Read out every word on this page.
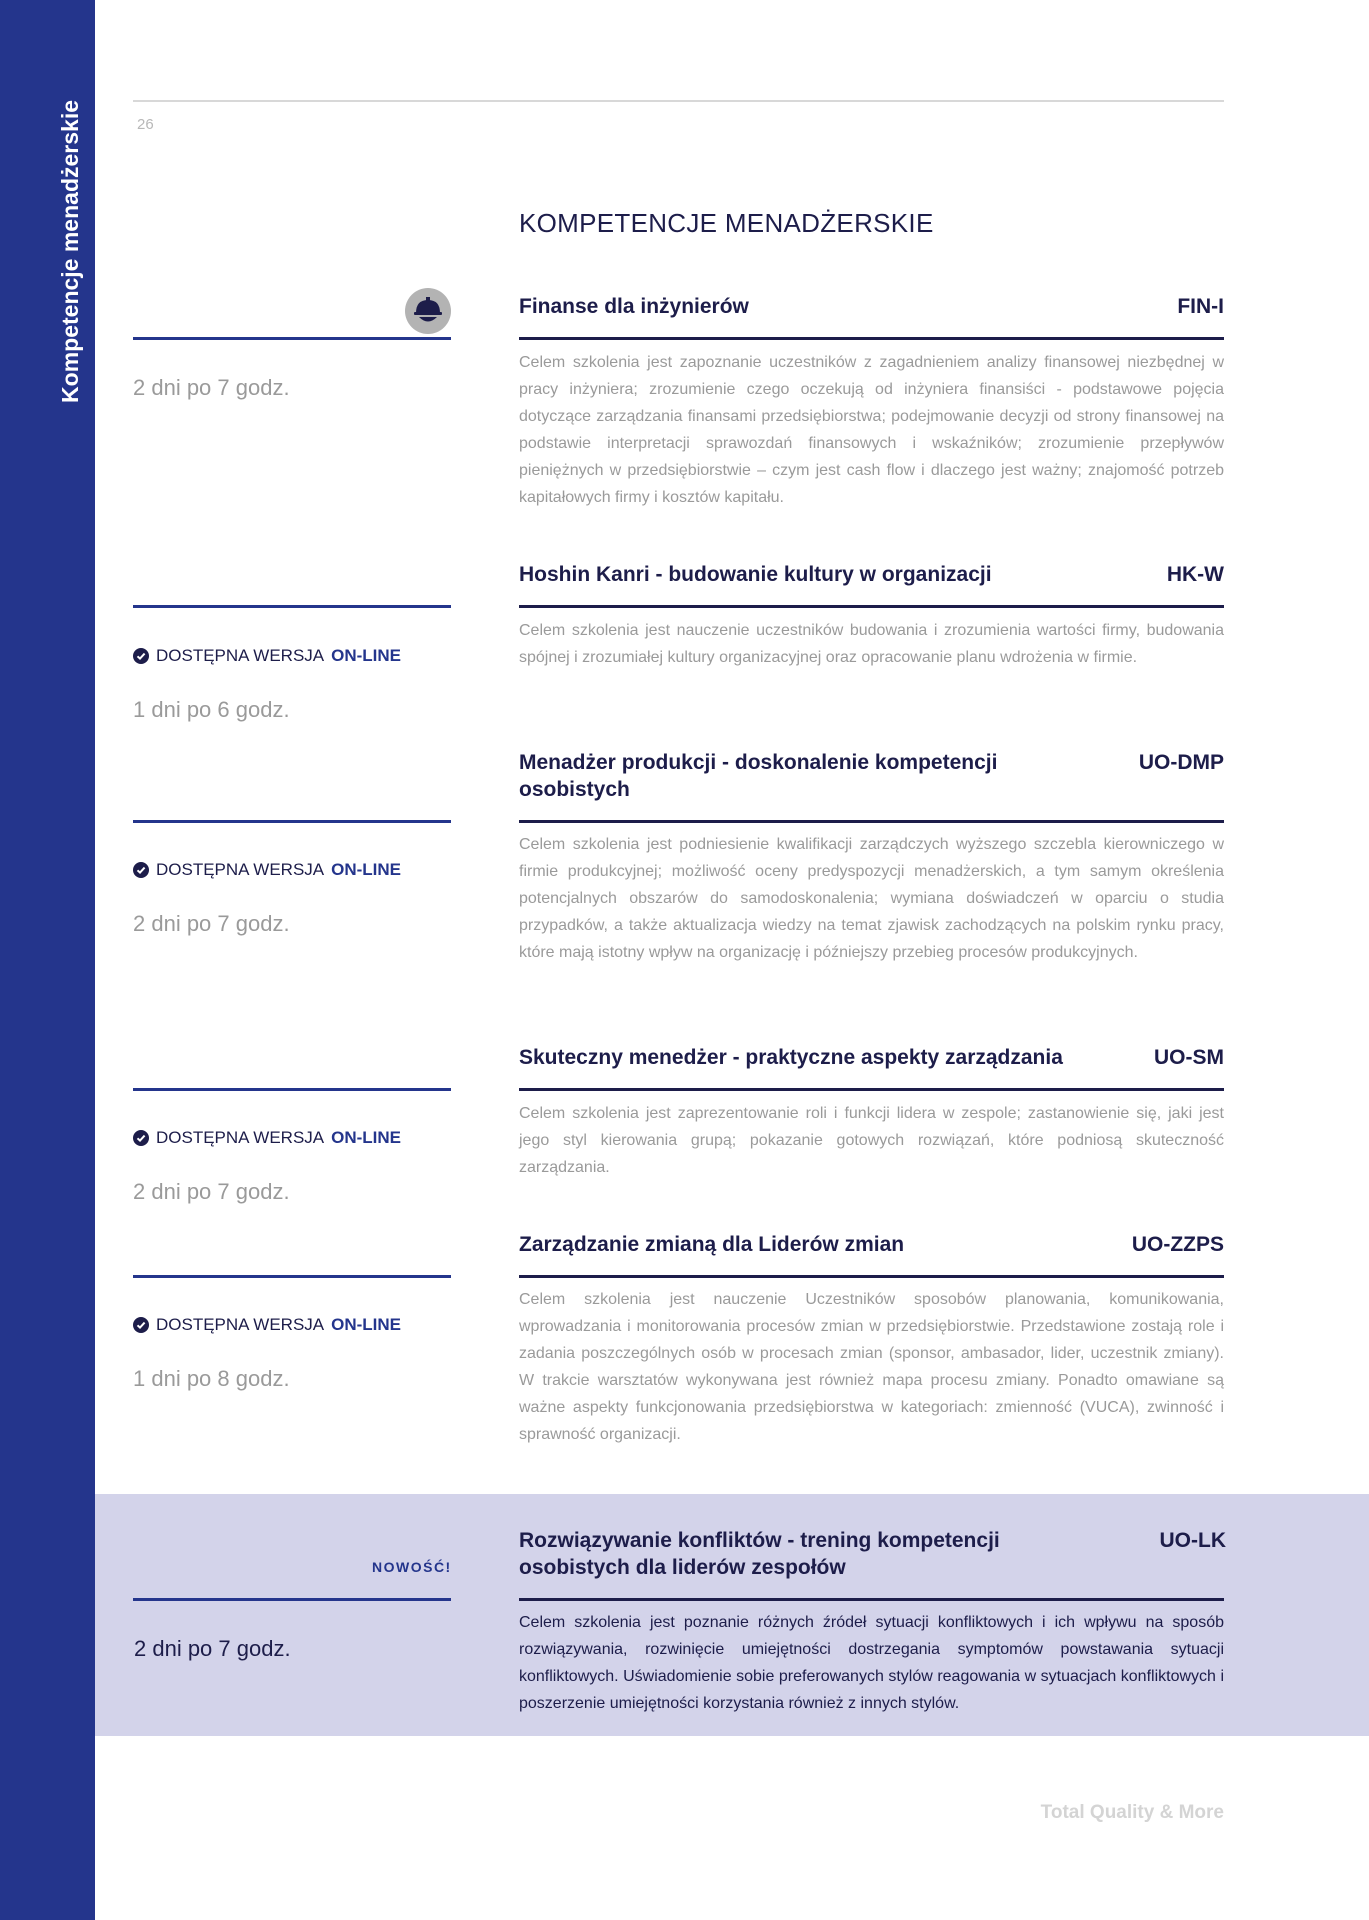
Kompetencje menadżerskie	26
KOMPETENCJE MENADŻERSKIE
Finanse dla inżynierów	FIN-I
2 dni po 7 godz.
Celem szkolenia jest zapoznanie uczestników z zagadnieniem analizy finansowej niezbędnej w pracy inżyniera; zrozumienie czego oczekują od inżyniera finansiści - podstawowe pojęcia dotyczące zarządzania finansami przedsiębiorstwa; podejmowanie decyzji od strony finansowej na podstawie interpretacji sprawozdań finansowych i wskaźników; zrozumienie przepływów pieniężnych w przedsiębiorstwie – czym jest cash flow i dlaczego jest ważny; znajomość potrzeb kapitałowych firmy i kosztów kapitału.
Hoshin Kanri - budowanie kultury w organizacji	HK-W
DOSTĘPNA WERSJA ON-LINE
1 dni po 6 godz.
Celem szkolenia jest nauczenie uczestników budowania i zrozumienia wartości firmy, budowania spójnej i zrozumiałej kultury organizacyjnej oraz opracowanie planu wdrożenia w firmie.
Menadżer produkcji - doskonalenie kompetencji osobistych
UO-DMP
DOSTĘPNA WERSJA ON-LINE
2 dni po 7 godz.
Celem szkolenia jest podniesienie kwalifikacji zarządczych wyższego szczebla kierowniczego w firmie produkcyjnej; możliwość oceny predyspozycji menadżerskich, a tym samym określenia potencjalnych obszarów do samodoskonalenia; wymiana doświadczeń w oparciu o studia przypadków, a także aktualizacja wiedzy na temat zjawisk zachodzących na polskim rynku pracy, które mają istotny wpływ na organizację i późniejszy przebieg procesów produkcyjnych.
Skuteczny menedżer - praktyczne aspekty zarządzania	UO-SM
DOSTĘPNA WERSJA ON-LINE
2 dni po 7 godz.
Celem szkolenia jest zaprezentowanie roli i funkcji lidera w zespole; zastanowienie się, jaki jest jego styl kierowania grupą; pokazanie gotowych rozwiązań, które podniosą skuteczność zarządzania.
Zarządzanie zmianą dla Liderów zmian	UO-ZZPS
DOSTĘPNA WERSJA ON-LINE
1 dni po 8 godz.
Celem szkolenia jest nauczenie Uczestników sposobów planowania, komunikowania, wprowadzania i monitorowania procesów zmian w przedsiębiorstwie. Przedstawione zostają role i zadania poszczególnych osób w procesach zmian (sponsor, ambasador, lider, uczestnik zmiany). W trakcie warsztatów wykonywana jest również mapa procesu zmiany. Ponadto omawiane są ważne aspekty funkcjonowania przedsiębiorstwa w kategoriach: zmienność (VUCA), zwinność i sprawność organizacji.
Rozwiązywanie konfliktów - trening kompetencji osobistych dla liderów zespołów
UO-LK
NOWOŚĆ!
2 dni po 7 godz.
Celem szkolenia jest poznanie różnych źródeł sytuacji konfliktowych i ich wpływu na sposób rozwiązywania, rozwinięcie umiejętności dostrzegania symptomów powstawania sytuacji konfliktowych. Uświadomienie sobie preferowanych stylów reagowania w sytuacjach konfliktowych i poszerzenie umiejętności korzystania również z innych stylów.
Total Quality & More
